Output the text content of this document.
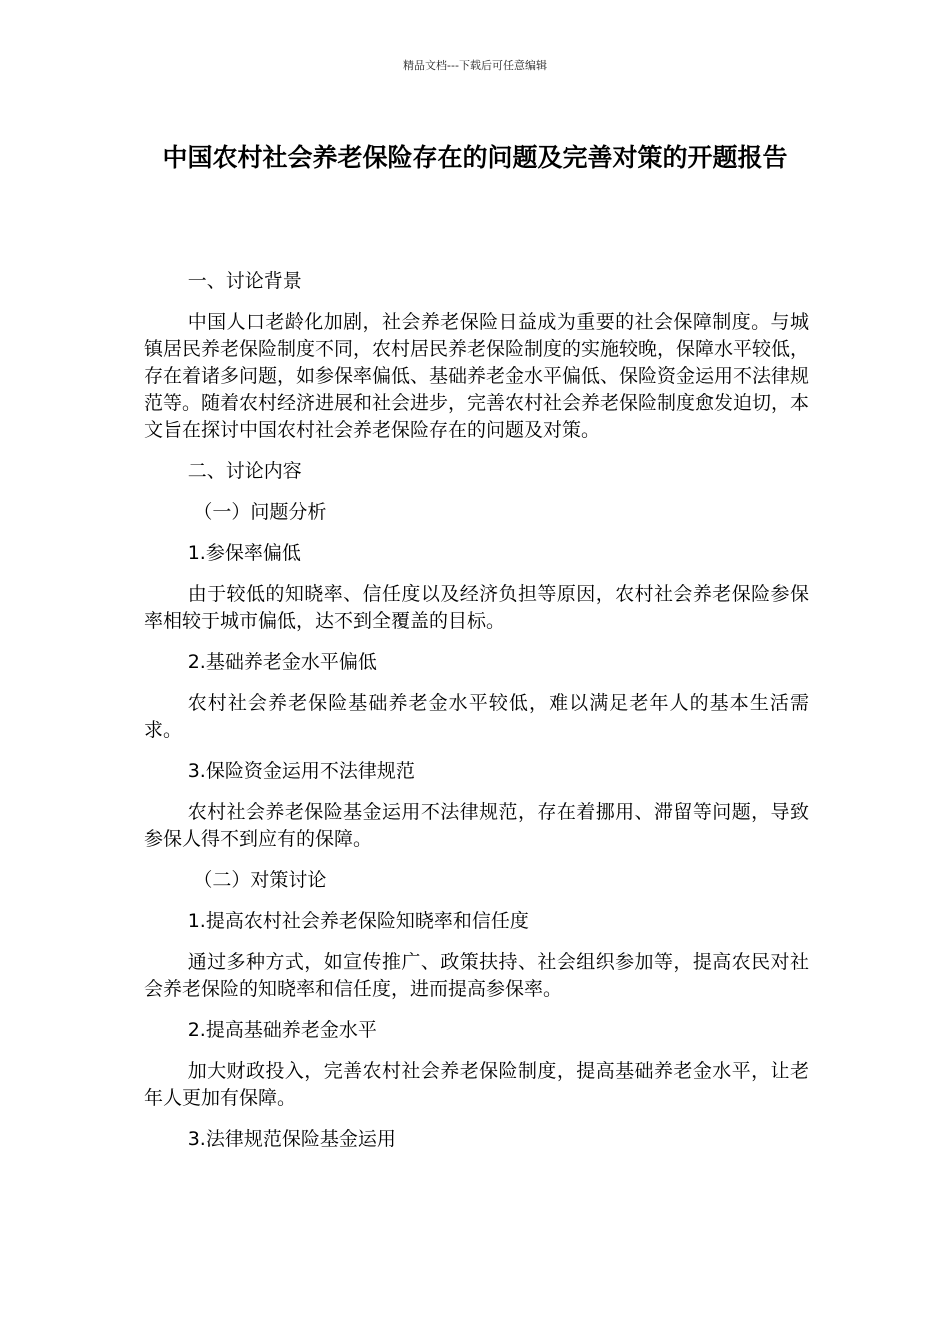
精品文档---下载后可任意编辑
中国农村社会养老保险存在的问题及完善对策的开题报告

一、讨论背景

中国人口老龄化加剧，社会养老保险日益成为重要的社会保障制度。与城镇居民养老保险制度不同，农村居民养老保险制度的实施较晚，保障水平较低，存在着诸多问题，如参保率偏低、基础养老金水平偏低、保险资金运用不法律规范等。随着农村经济进展和社会进步，完善农村社会养老保险制度愈发迫切，本文旨在探讨中国农村社会养老保险存在的问题及对策。

二、讨论内容

（一）问题分析

1.参保率偏低

由于较低的知晓率、信任度以及经济负担等原因，农村社会养老保险参保率相较于城市偏低，达不到全覆盖的目标。

2.基础养老金水平偏低

农村社会养老保险基础养老金水平较低，难以满足老年人的基本生活需求。

3.保险资金运用不法律规范

农村社会养老保险基金运用不法律规范，存在着挪用、滞留等问题，导致参保人得不到应有的保障。

（二）对策讨论

1.提高农村社会养老保险知晓率和信任度

通过多种方式，如宣传推广、政策扶持、社会组织参加等，提高农民对社会养老保险的知晓率和信任度，进而提高参保率。

2.提高基础养老金水平

加大财政投入，完善农村社会养老保险制度，提高基础养老金水平，让老年人更加有保障。

3.法律规范保险基金运用
